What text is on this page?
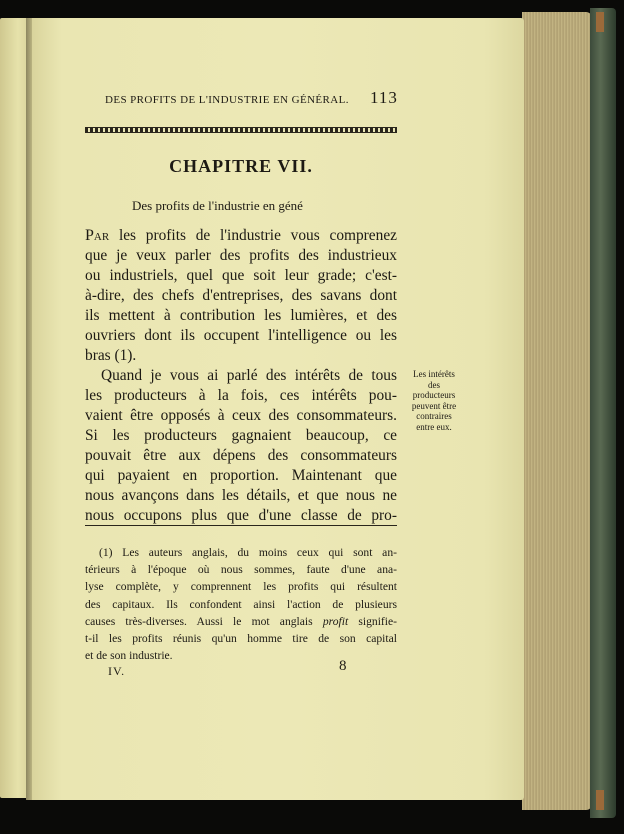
DES PROFITS DE L'INDUSTRIE EN GÉNÉRAL.	113
CHAPITRE VII.
Des profits de l'industrie en géné
Par les profits de l'industrie vous comprenez
que je veux parler des profits des industrieux
ou industriels, quel que soit leur grade; c'est-
à-dire, des chefs d'entreprises, des savans dont
ils mettent à contribution les lumières, et des
ouvriers dont ils occupent l'intelligence ou les
bras (1).
Quand je vous ai parlé des intérêts de tous
les producteurs à la fois, ces intérêts pou-
vaient être opposés à ceux des consommateurs.
Si les producteurs gagnaient beaucoup, ce
pouvait être aux dépens des consommateurs
qui payaient en proportion. Maintenant que
nous avançons dans les détails, et que nous ne
nous occupons plus que d'une classe de pro-
Les intérêts
des
producteurs
peuvent être
contraires
entre eux.
(1) Les auteurs anglais, du moins ceux qui sont an-
térieurs à l'époque où nous sommes, faute d'une ana-
lyse complète, y comprennent les profits qui résultent
des capitaux. Ils confondent ainsi l'action de plusieurs
causes très-diverses. Aussi le mot anglais profit signifie-
t-il les profits réunis qu'un homme tire de son capital
et de son industrie.
IV.	8
